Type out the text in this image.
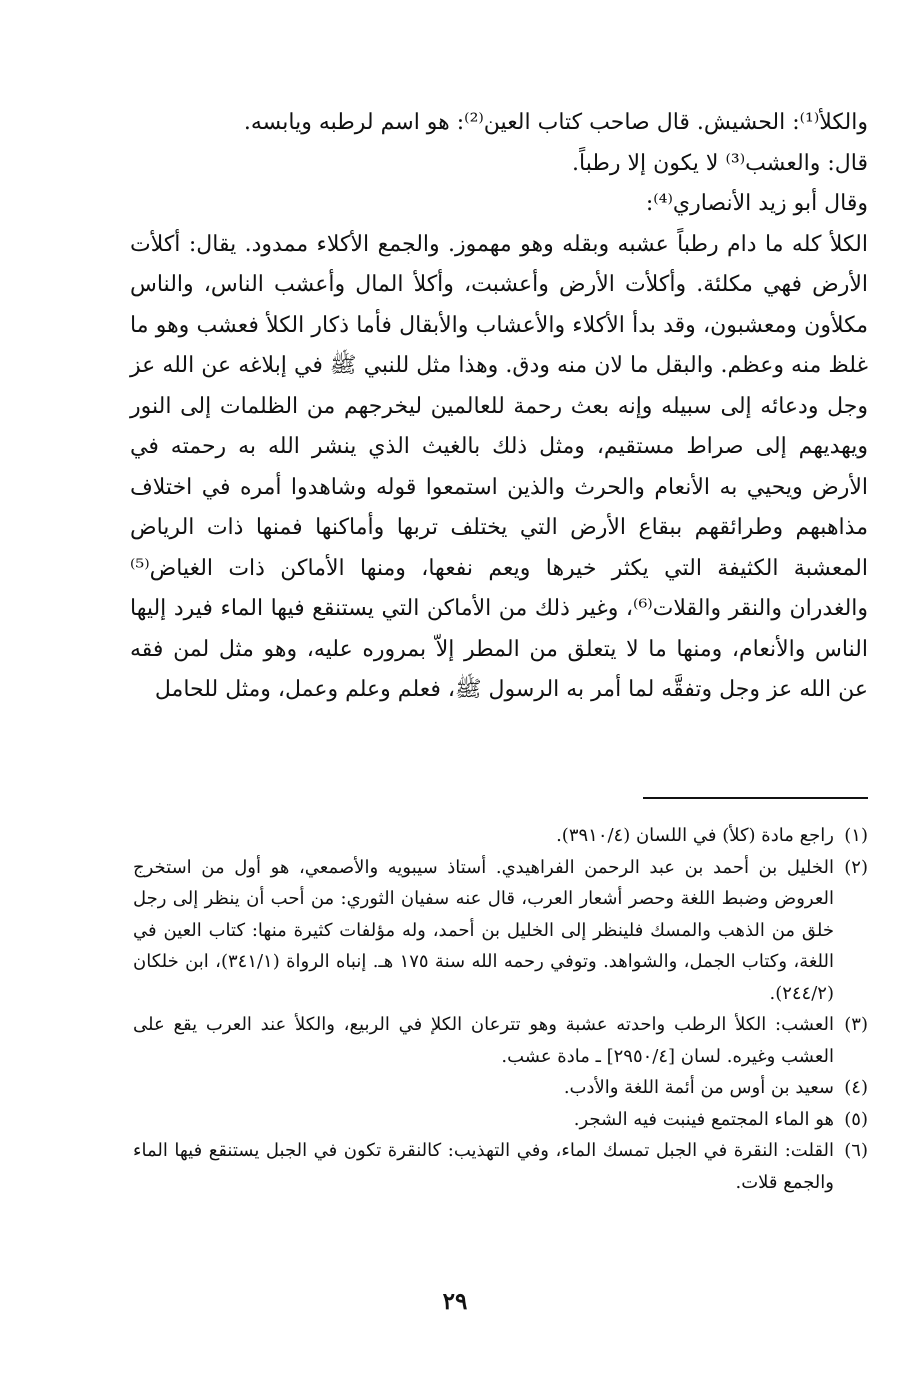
والكلأ⁽¹⁾: الحشيش. قال صاحب كتاب العين⁽²⁾: هو اسم لرطبه ويابسه.

قال: والعشب⁽³⁾ لا يكون إلا رطباً.

وقال أبو زيد الأنصاري⁽⁴⁾:

الكلأ كله ما دام رطباً عشبه وبقله وهو مهموز. والجمع الأكلاء ممدود. يقال: أكلأت الأرض فهي مكلئة. وأكلأت الأرض وأعشبت، وأكلأ المال وأعشب الناس، والناس مكلأون ومعشبون، وقد بدأ الأكلاء والأعشاب والأبقال فأما ذكار الكلأ فعشب وهو ما غلظ منه وعظم. والبقل ما لان منه ودق. وهذا مثل للنبي ﷺ في إبلاغه عن الله عز وجل ودعائه إلى سبيله وإنه بعث رحمة للعالمين ليخرجهم من الظلمات إلى النور ويهديهم إلى صراط مستقيم، ومثل ذلك بالغيث الذي ينشر الله به رحمته في الأرض ويحيي به الأنعام والحرث والذين استمعوا قوله وشاهدوا أمره في اختلاف مذاهبهم وطرائقهم ببقاع الأرض التي يختلف تربها وأماكنها فمنها ذات الرياض المعشبة الكثيفة التي يكثر خيرها ويعم نفعها، ومنها الأماكن ذات الغياض⁽⁵⁾ والغدران والنقر والقلات⁽⁶⁾، وغير ذلك من الأماكن التي يستنقع فيها الماء فيرد إليها الناس والأنعام، ومنها ما لا يتعلق من المطر إلاّ بمروره عليه، وهو مثل لمن فقه عن الله عز وجل وتفقَّه لما أمر به الرسول ﷺ، فعلم وعلم وعمل، ومثل للحامل

(١)
راجع مادة (كلأ) في اللسان (٣٩١٠/٤).

(٢)
الخليل بن أحمد بن عبد الرحمن الفراهيدي. أستاذ سيبويه والأصمعي، هو أول من استخرج العروض وضبط اللغة وحصر أشعار العرب، قال عنه سفيان الثوري: من أحب أن ينظر إلى رجل خلق من الذهب والمسك فلينظر إلى الخليل بن أحمد، وله مؤلفات كثيرة منها: كتاب العين في اللغة، وكتاب الجمل، والشواهد. وتوفي رحمه الله سنة ١٧٥ هـ. إنباه الرواة (٣٤١/١)، ابن خلكان (٢٤٤/٢).

(٣)
العشب: الكلأ الرطب واحدته عشبة وهو تترعان الكلإ في الربيع، والكلأ عند العرب يقع على العشب وغيره. لسان [٢٩٥٠/٤] ـ مادة عشب.

(٤)
سعيد بن أوس من أئمة اللغة والأدب.

(٥)
هو الماء المجتمع فينبت فيه الشجر.

(٦)
القلت: النقرة في الجبل تمسك الماء، وفي التهذيب: كالنقرة تكون في الجبل يستنقع فيها الماء والجمع قلات.

٢٩
